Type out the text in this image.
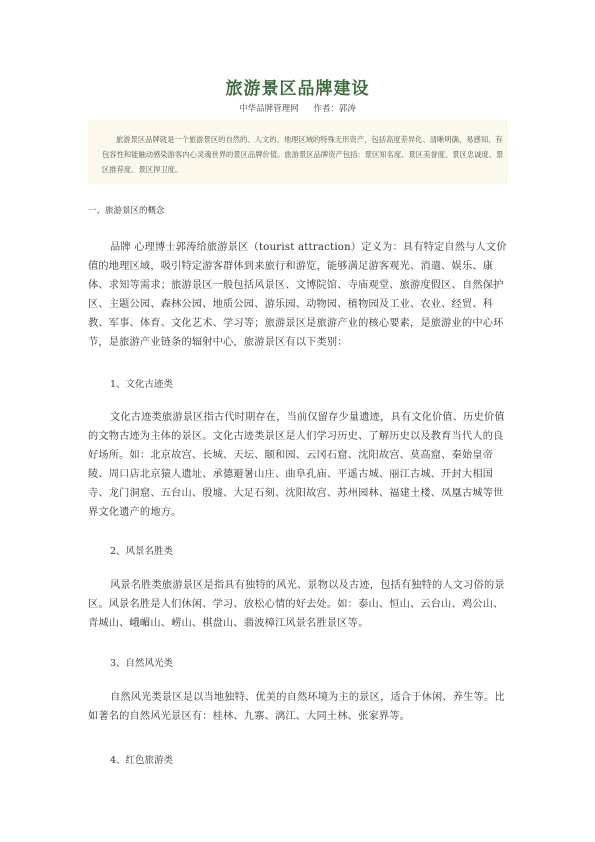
旅游景区品牌建设
中华品牌管理网 作者：郭涛
旅游景区品牌就是一个旅游景区的自然的、人文的、地理区域的特殊无形资产，包括高度差异化、清晰明确、易感知、有包容性和能触动感染游客内心灵魂世界的景区品牌价值。旅游景区品牌资产包括：景区知名度、景区美誉度、景区忠诚度、景区推荐度、景区捍卫度。
一、旅游景区的概念
品牌 心理博士郭涛给旅游景区（tourist attraction）定义为：具有特定自然与人文价值的地理区域，吸引特定游客群体到来旅行和游览，能够满足游客观光、消遣、娱乐、康体、求知等需求；旅游景区一般包括风景区、文博院馆、寺庙观堂、旅游度假区、自然保护区、主题公园、森林公园、地质公园、游乐园、动物园、植物园及工业、农业、经贸、科教、军事、体育、文化艺术、学习等；旅游景区是旅游产业的核心要素，是旅游业的中心环节，是旅游产业链条的辐射中心，旅游景区有以下类别：
1、文化古迹类
文化古迹类旅游景区指古代时期存在，当前仅留存少量遗迹，具有文化价值、历史价值的文物古迹为主体的景区。文化古迹类景区是人们学习历史、了解历史以及教育当代人的良好场所。如：北京故宫、长城、天坛、颐和园、云冈石窟、沈阳故宫、莫高窟、秦始皇帝陵、周口店北京猿人遗址、承德避暑山庄、曲阜孔庙、平遥古城、丽江古城、开封大相国寺、龙门洞窟、五台山、殷墟、大足石刻、沈阳故宫、苏州园林、福建土楼、凤凰古城等世界文化遗产的地方。
2、风景名胜类
风景名胜类旅游景区是指具有独特的风光、景物以及古迹，包括有独特的人文习俗的景区。风景名胜是人们休闲、学习、放松心情的好去处。如：泰山、恒山、云台山、鸡公山、青城山、峨嵋山、崂山、棋盘山、翡波樟江风景名胜景区等。
3、自然风光类
自然风光类景区是以当地独特、优美的自然环境为主的景区，适合于休闲、养生等。比如著名的自然风光景区有：桂林、九寨、漓江、大同土林、张家界等。
4、红色旅游类
